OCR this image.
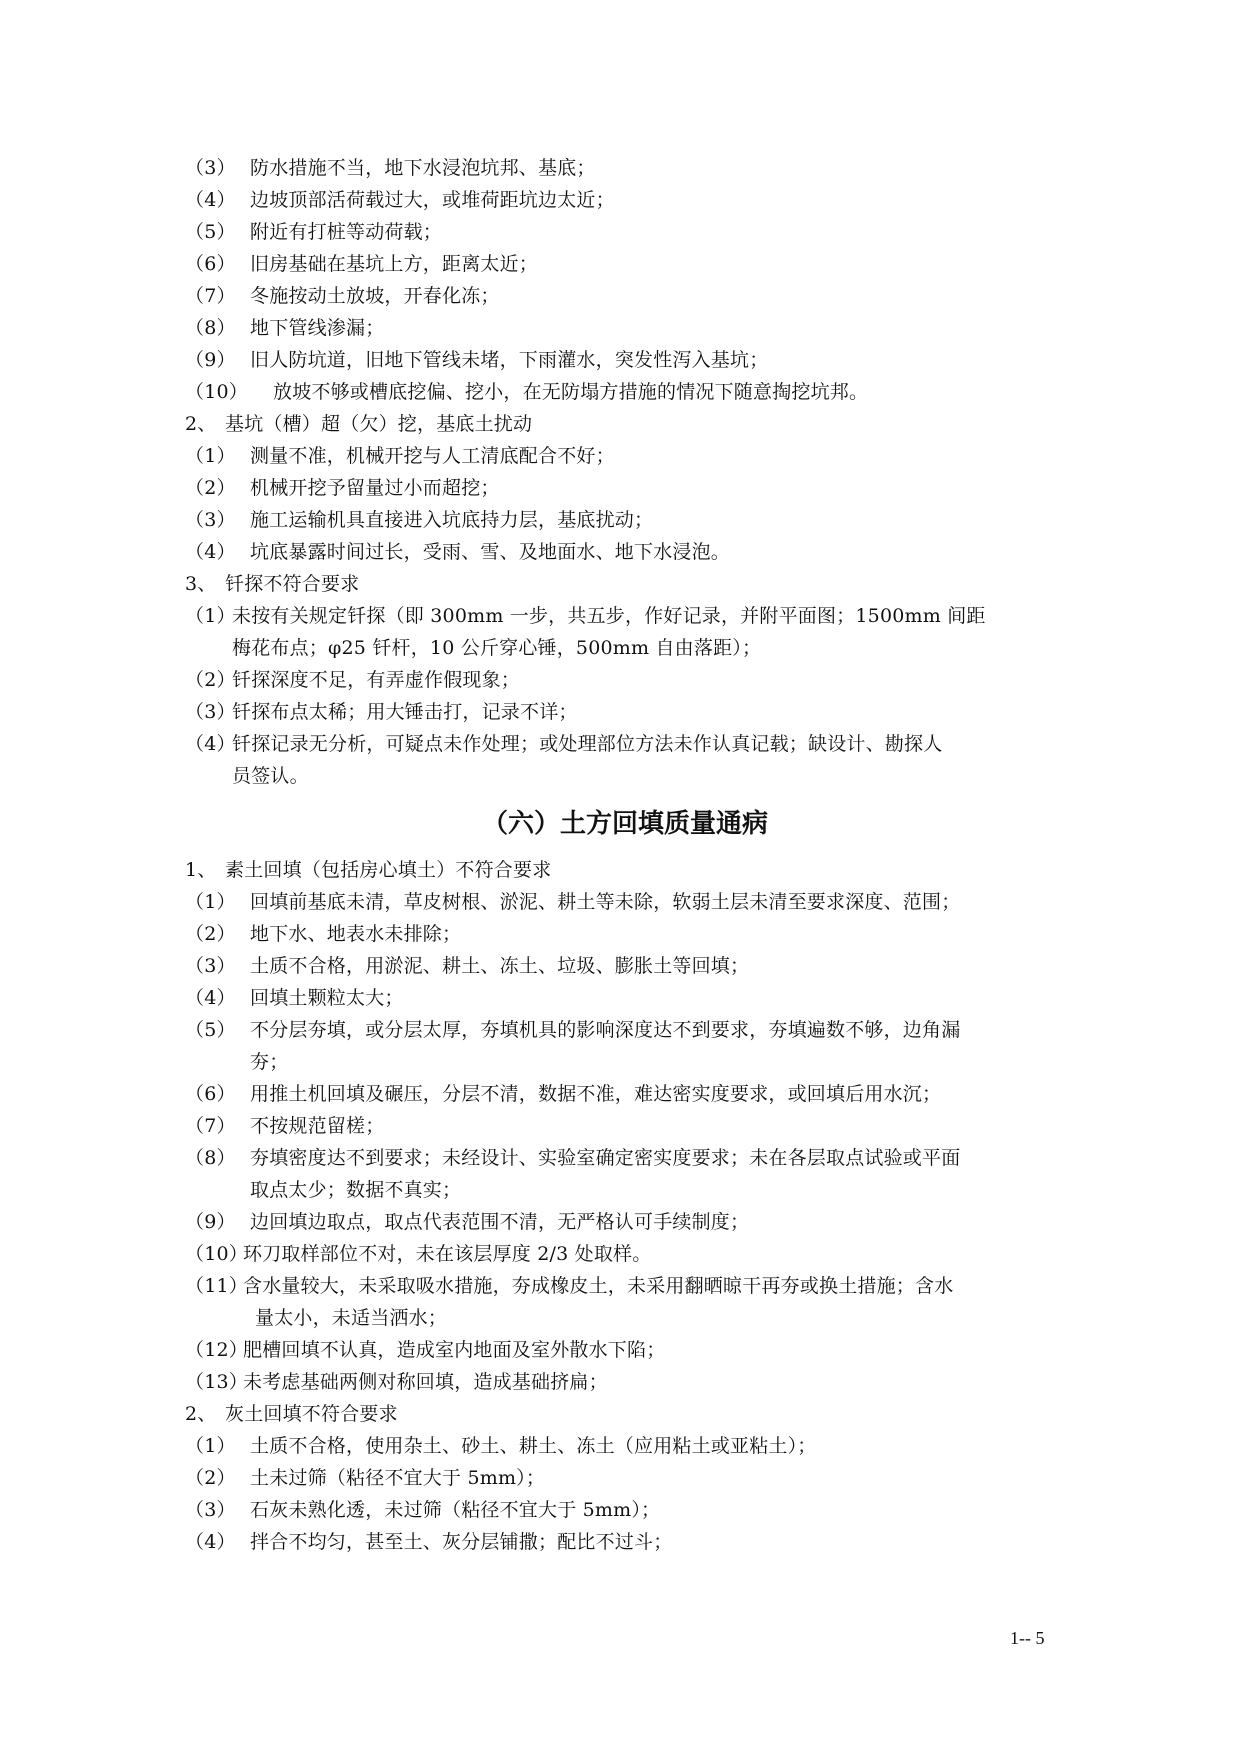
（3） 防水措施不当，地下水浸泡坑邦、基底；
（4） 边坡顶部活荷载过大，或堆荷距坑边太近；
（5） 附近有打桩等动荷载；
（6） 旧房基础在基坑上方，距离太近；
（7） 冬施按动土放坡，开春化冻；
（8） 地下管线渗漏；
（9） 旧人防坑道，旧地下管线未堵，下雨灌水，突发性泻入基坑；
（10） 放坡不够或槽底挖偏、挖小，在无防塌方措施的情况下随意掏挖坑邦。
2、 基坑（槽）超（欠）挖，基底土扰动
（1） 测量不准，机械开挖与人工清底配合不好；
（2） 机械开挖予留量过小而超挖；
（3） 施工运输机具直接进入坑底持力层，基底扰动；
（4） 坑底暴露时间过长，受雨、雪、及地面水、地下水浸泡。
3、 钎探不符合要求
（1）
未按有关规定钎探（即 300mm 一步，共五步，作好记录，并附平面图；1500mm 间距
梅花布点；φ25 钎杆，10 公斤穿心锤，500mm 自由落距）；
（2）
钎探深度不足，有弄虚作假现象；
（3）
钎探布点太稀；用大锤击打，记录不详；
（4）
钎探记录无分析，可疑点未作处理；或处理部位方法未作认真记载；缺设计、勘探人
员签认。
（六）土方回填质量通病
1、 素土回填（包括房心填土）不符合要求
（1） 回填前基底未清，草皮树根、淤泥、耕土等未除，软弱土层未清至要求深度、范围；
（2） 地下水、地表水未排除；
（3） 土质不合格，用淤泥、耕土、冻土、垃圾、膨胀土等回填；
（4） 回填土颗粒太大；
（5） 不分层夯填，或分层太厚，夯填机具的影响深度达不到要求，夯填遍数不够，边角漏
夯；
（6） 用推土机回填及碾压，分层不清，数据不准，难达密实度要求，或回填后用水沉；
（7） 不按规范留槎；
（8） 夯填密度达不到要求；未经设计、实验室确定密实度要求；未在各层取点试验或平面
取点太少；数据不真实；
（9） 边回填边取点，取点代表范围不清，无严格认可手续制度；
（10）
环刀取样部位不对，未在该层厚度 2/3 处取样。
（11）
含水量较大，未采取吸水措施，夯成橡皮土，未采用翻晒晾干再夯或换土措施；含水
量太小，未适当洒水；
（12）
肥槽回填不认真，造成室内地面及室外散水下陷；
（13）
未考虑基础两侧对称回填，造成基础挤扁；
2、 灰土回填不符合要求
（1） 土质不合格，使用杂土、砂土、耕土、冻土（应用粘土或亚粘土）；
（2） 土未过筛（粘径不宜大于 5mm）；
（3） 石灰未熟化透，未过筛（粘径不宜大于 5mm）；
（4） 拌合不均匀，甚至土、灰分层铺撒；配比不过斗；
1-- 5
